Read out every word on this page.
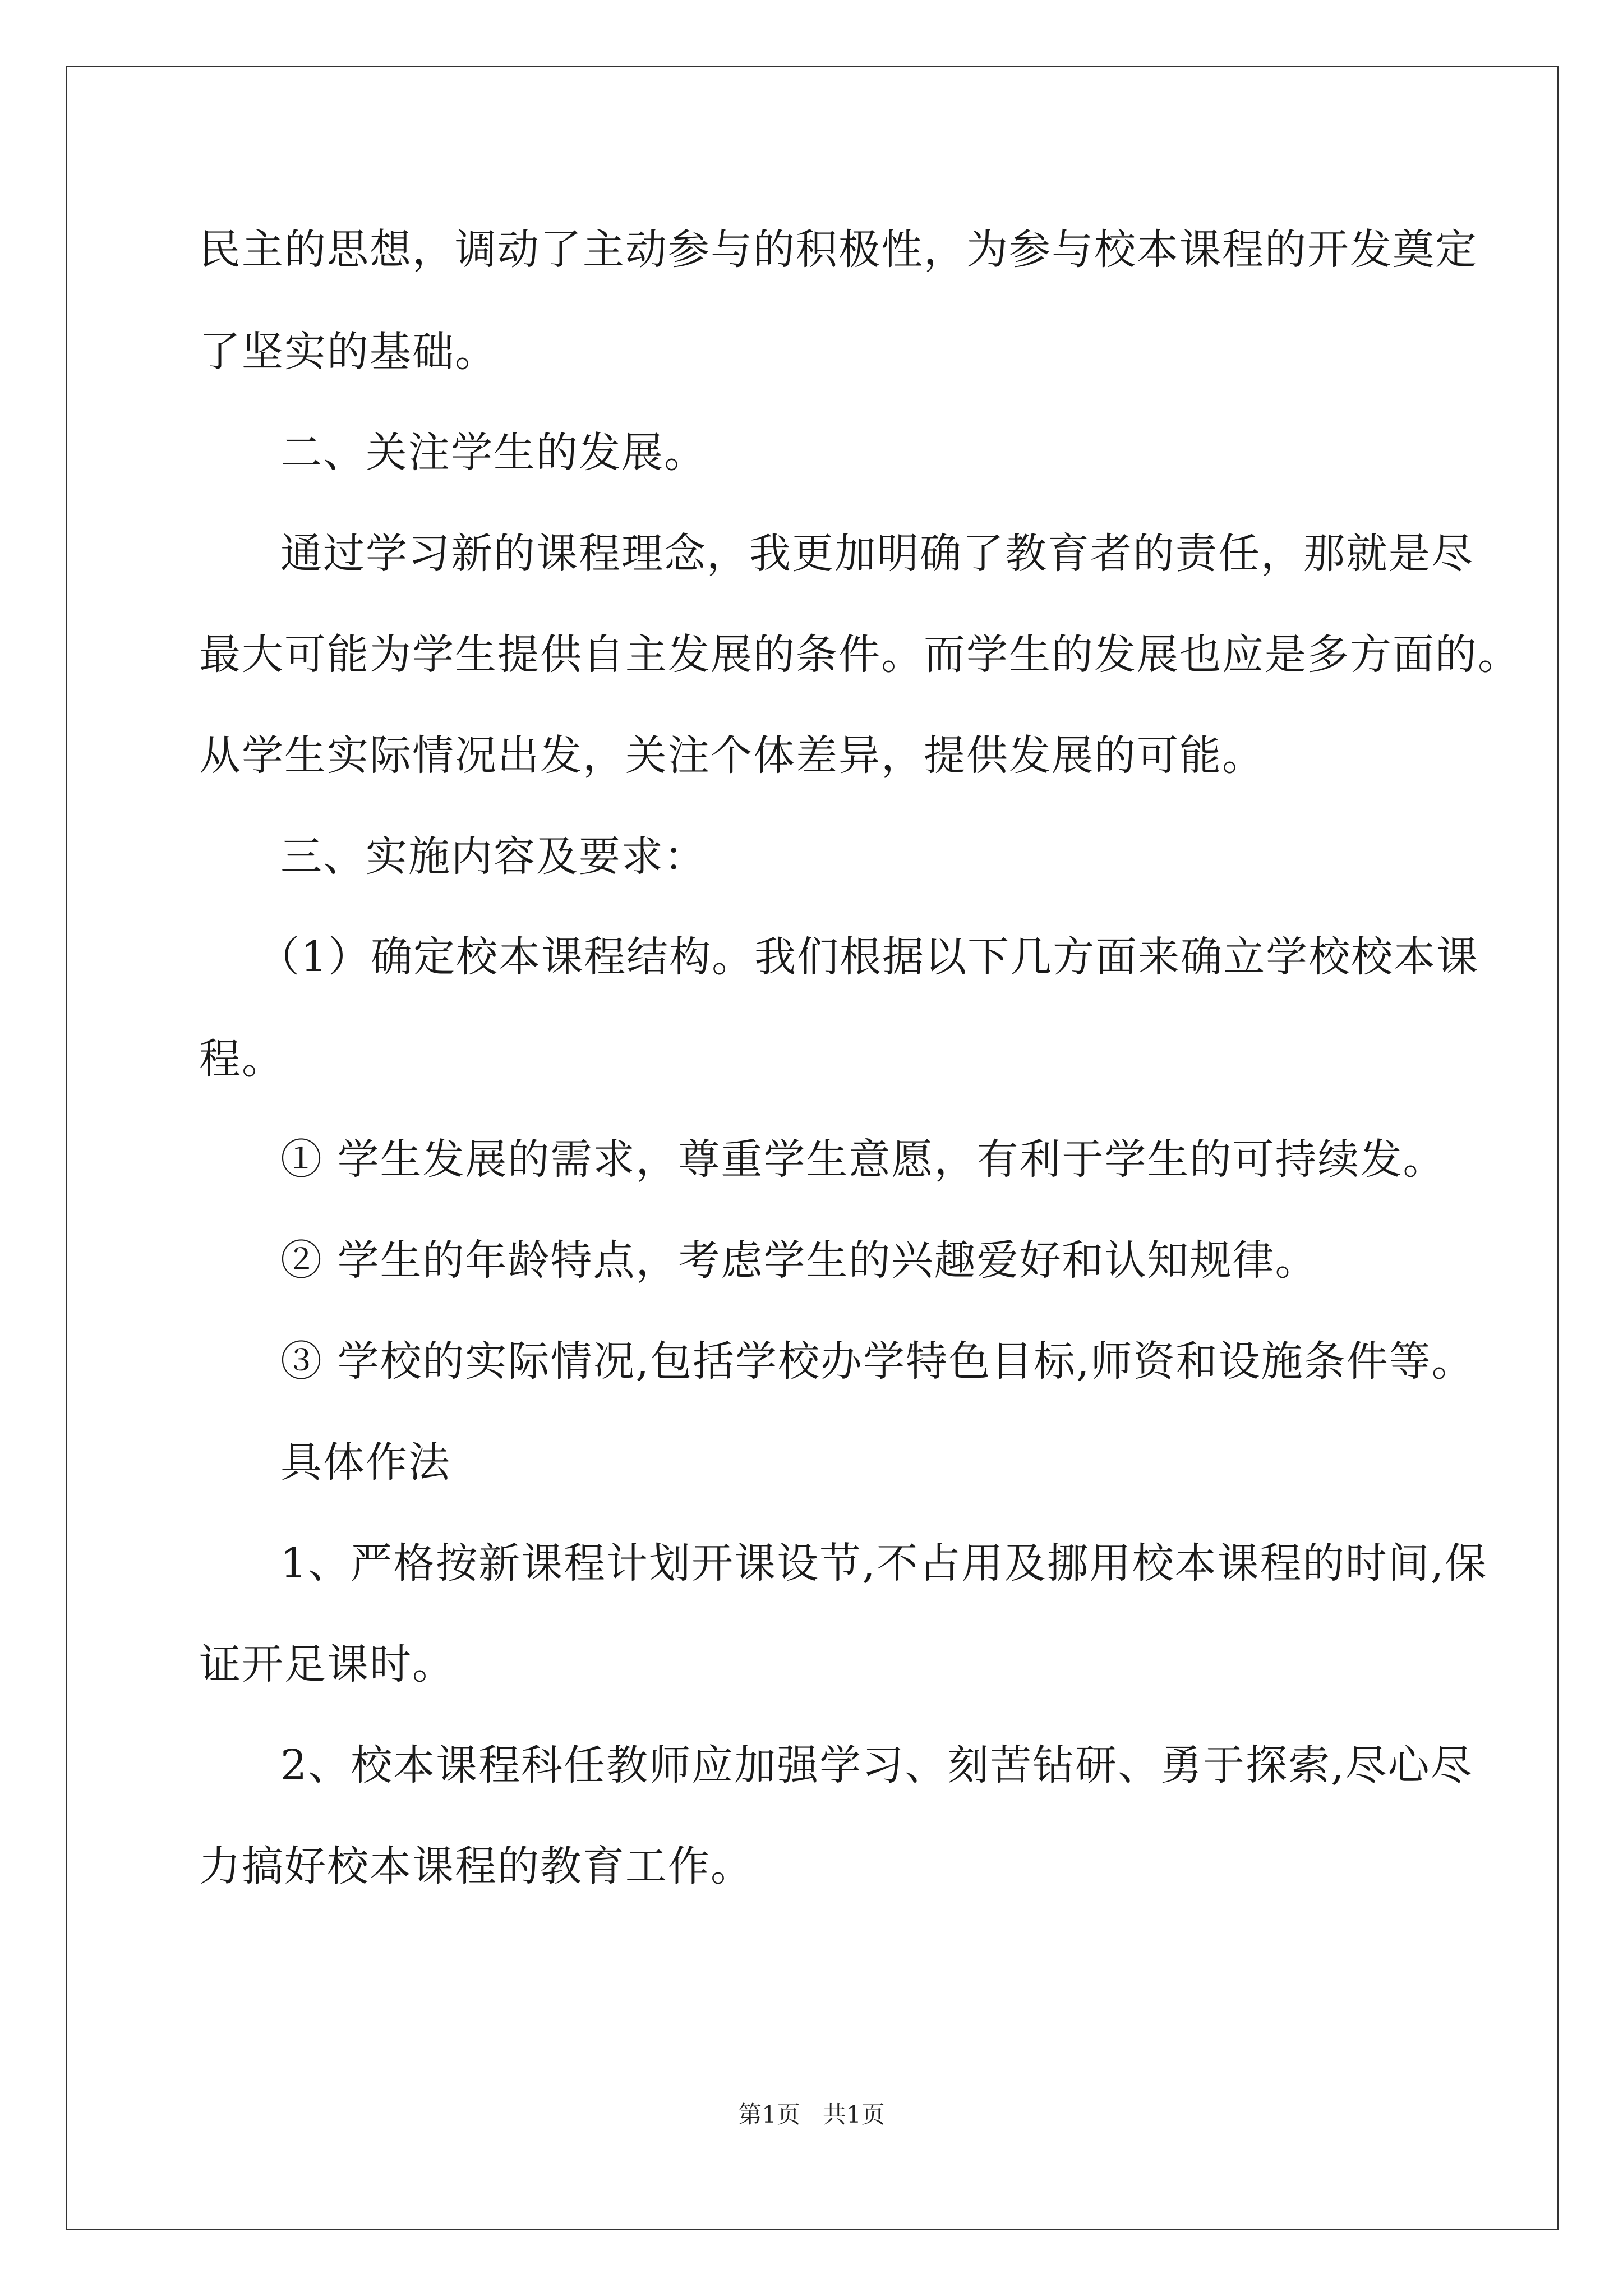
民主的思想，调动了主动参与的积极性，为参与校本课程的开发奠定
了坚实的基础。
二、关注学生的发展。
通过学习新的课程理念，我更加明确了教育者的责任，那就是尽
最大可能为学生提供自主发展的条件。而学生的发展也应是多方面的。
从学生实际情况出发，关注个体差异，提供发展的可能。
三、实施内容及要求：
（1）确定校本课程结构。我们根据以下几方面来确立学校校本课
程。
① 学生发展的需求，尊重学生意愿，有利于学生的可持续发。
② 学生的年龄特点，考虑学生的兴趣爱好和认知规律。
③ 学校的实际情况,包括学校办学特色目标,师资和设施条件等。
具体作法
1、严格按新课程计划开课设节,不占用及挪用校本课程的时间,保
证开足课时。
2、校本课程科任教师应加强学习、刻苦钻研、勇于探索,尽心尽
力搞好校本课程的教育工作。
第1页 共1页
